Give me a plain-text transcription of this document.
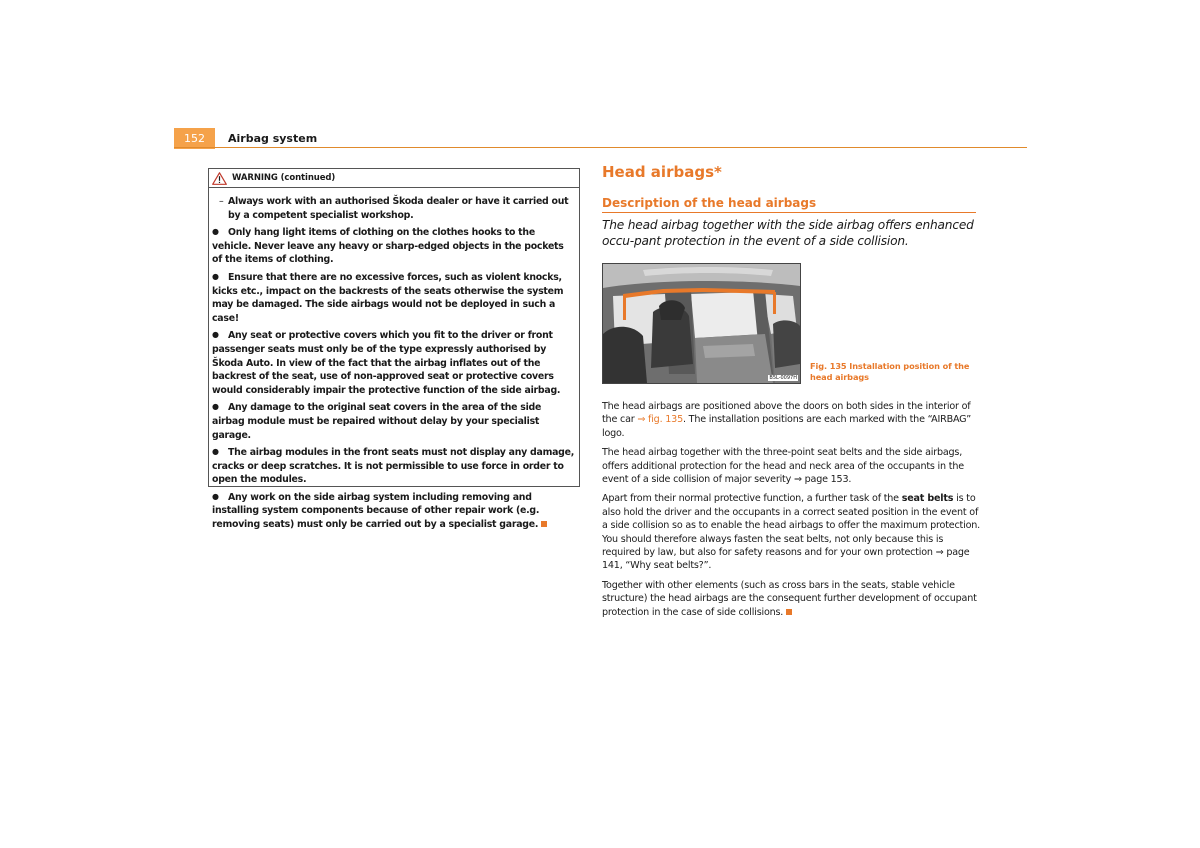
152	Airbag system
WARNING (continued)
– Always work with an authorised Škoda dealer or have it carried out by a competent specialist workshop.
● Only hang light items of clothing on the clothes hooks to the vehicle. Never leave any heavy or sharp-edged objects in the pockets of the items of clothing.
● Ensure that there are no excessive forces, such as violent knocks, kicks etc., impact on the backrests of the seats otherwise the system may be damaged. The side airbags would not be deployed in such a case!
● Any seat or protective covers which you fit to the driver or front passenger seats must only be of the type expressly authorised by Škoda Auto. In view of the fact that the airbag inflates out of the backrest of the seat, use of non-approved seat or protective covers would considerably impair the protective function of the side airbag.
● Any damage to the original seat covers in the area of the side airbag module must be repaired without delay by your specialist garage.
● The airbag modules in the front seats must not display any damage, cracks or deep scratches. It is not permissible to use force in order to open the modules.
● Any work on the side airbag system including removing and installing system components because of other repair work (e.g. removing seats) must only be carried out by a specialist garage.
Head airbags*
Description of the head airbags

The head airbag together with the side airbag offers enhanced occu-pant protection in the event of a side collision.

B5L-0097H
Fig. 135 Installation position of the head airbags

The head airbags are positioned above the doors on both sides in the interior of the car ⇒ fig. 135. The installation positions are each marked with the “AIRBAG” logo.

The head airbag together with the three-point seat belts and the side airbags, offers additional protection for the head and neck area of the occupants in the event of a side collision of major severity ⇒ page 153.

Apart from their normal protective function, a further task of the seat belts is to also hold the driver and the occupants in a correct seated position in the event of a side collision so as to enable the head airbags to offer the maximum protection. You should therefore always fasten the seat belts, not only because this is required by law, but also for safety reasons and for your own protection ⇒ page 141, “Why seat belts?”.

Together with other elements (such as cross bars in the seats, stable vehicle structure) the head airbags are the consequent further development of occupant protection in the case of side collisions.
